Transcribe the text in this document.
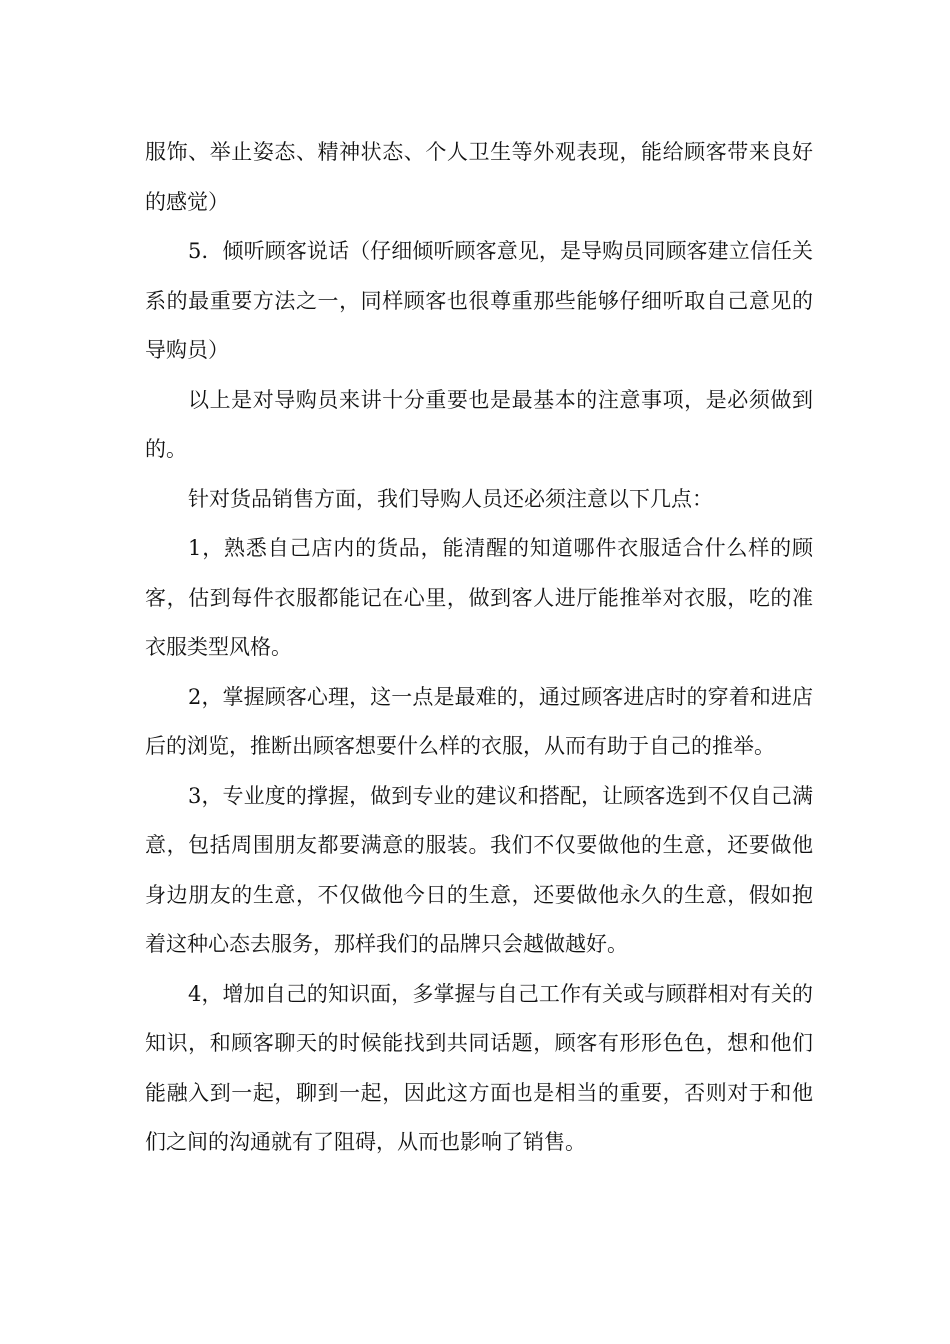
服饰、举止姿态、精神状态、个人卫生等外观表现，能给顾客带来良好的感觉）

5．倾听顾客说话（仔细倾听顾客意见，是导购员同顾客建立信任关系的最重要方法之一，同样顾客也很尊重那些能够仔细听取自己意见的导购员）

以上是对导购员来讲十分重要也是最基本的注意事项，是必须做到的。

针对货品销售方面，我们导购人员还必须注意以下几点：

1，熟悉自己店内的货品，能清醒的知道哪件衣服适合什么样的顾客，估到每件衣服都能记在心里，做到客人进厅能推举对衣服，吃的准衣服类型风格。

2，掌握顾客心理，这一点是最难的，通过顾客进店时的穿着和进店后的浏览，推断出顾客想要什么样的衣服，从而有助于自己的推举。

3，专业度的撑握，做到专业的建议和搭配，让顾客选到不仅自己满意，包括周围朋友都要满意的服装。我们不仅要做他的生意，还要做他身边朋友的生意，不仅做他今日的生意，还要做他永久的生意，假如抱着这种心态去服务，那样我们的品牌只会越做越好。

4，增加自己的知识面，多掌握与自己工作有关或与顾群相对有关的知识，和顾客聊天的时候能找到共同话题，顾客有形形色色，想和他们能融入到一起，聊到一起，因此这方面也是相当的重要，否则对于和他们之间的沟通就有了阻碍，从而也影响了销售。
